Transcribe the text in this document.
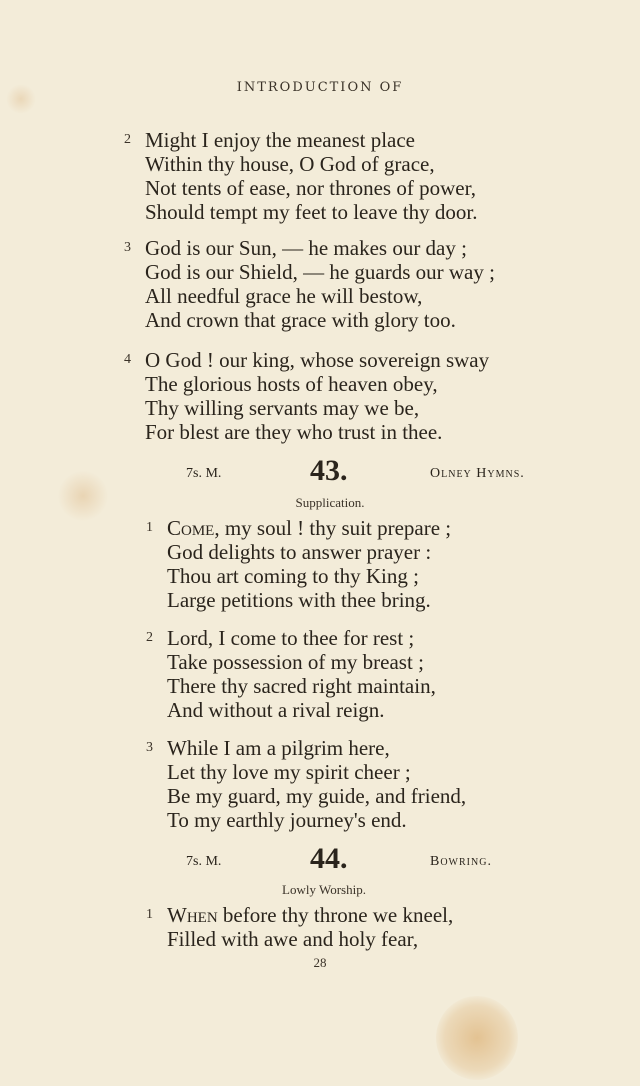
INTRODUCTION OF
2 Might I enjoy the meanest place
Within thy house, O God of grace,
Not tents of ease, nor thrones of power,
Should tempt my feet to leave thy door.
3 God is our Sun, — he makes our day ;
God is our Shield, — he guards our way ;
All needful grace he will bestow,
And crown that grace with glory too.
4 O God ! our king, whose sovereign sway
The glorious hosts of heaven obey,
Thy willing servants may we be,
For blest are they who trust in thee.
7s. M.	43.	Olney Hymns.
Supplication.
1 Come, my soul ! thy suit prepare ;
God delights to answer prayer :
Thou art coming to thy King ;
Large petitions with thee bring.
2 Lord, I come to thee for rest ;
Take possession of my breast ;
There thy sacred right maintain,
And without a rival reign.
3 While I am a pilgrim here,
Let thy love my spirit cheer ;
Be my guard, my guide, and friend,
To my earthly journey's end.
7s. M.	44.	Bowring.
Lowly Worship.
1 When before thy throne we kneel,
Filled with awe and holy fear,
28
